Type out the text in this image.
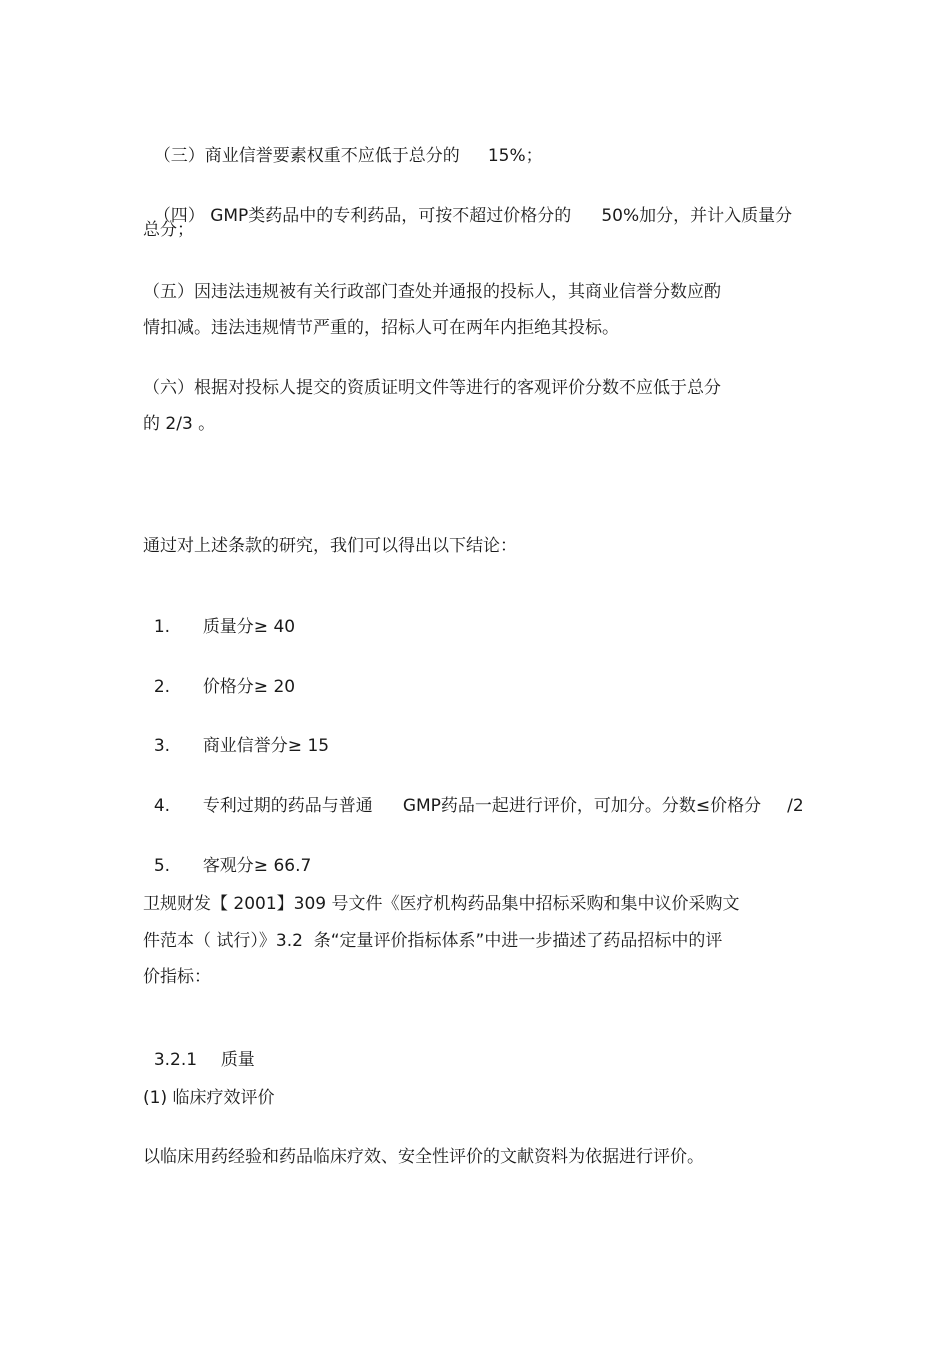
（三）商业信誉要素权重不应低于总分的 15%；

（四） GMP类药品中的专利药品，可按不超过价格分的 50%加分，并计入质量分

总分；
（五）因违法违规被有关行政部门查处并通报的投标人，其商业信誉分数应酌
情扣减。违法违规情节严重的，招标人可在两年内拒绝其投标。
（六）根据对投标人提交的资质证明文件等进行的客观评价分数不应低于总分
的 2/3 。
通过对上述条款的研究，我们可以得出以下结论：

1. 质量分≥ 40

2. 价格分≥ 20

3. 商业信誉分≥ 15

4. 专利过期的药品与普通 GMP药品一起进行评价，可加分。分数≤价格分 /2

5. 客观分≥ 66.7

卫规财发【 2001】309 号文件《医疗机构药品集中招标采购和集中议价采购文
件范本（ 试行）》3.2  条“定量评价指标体系”中进一步描述了药品招标中的评
价指标：

3.2.1 质量

(1) 临床疗效评价
以临床用药经验和药品临床疗效、安全性评价的文献资料为依据进行评价。
